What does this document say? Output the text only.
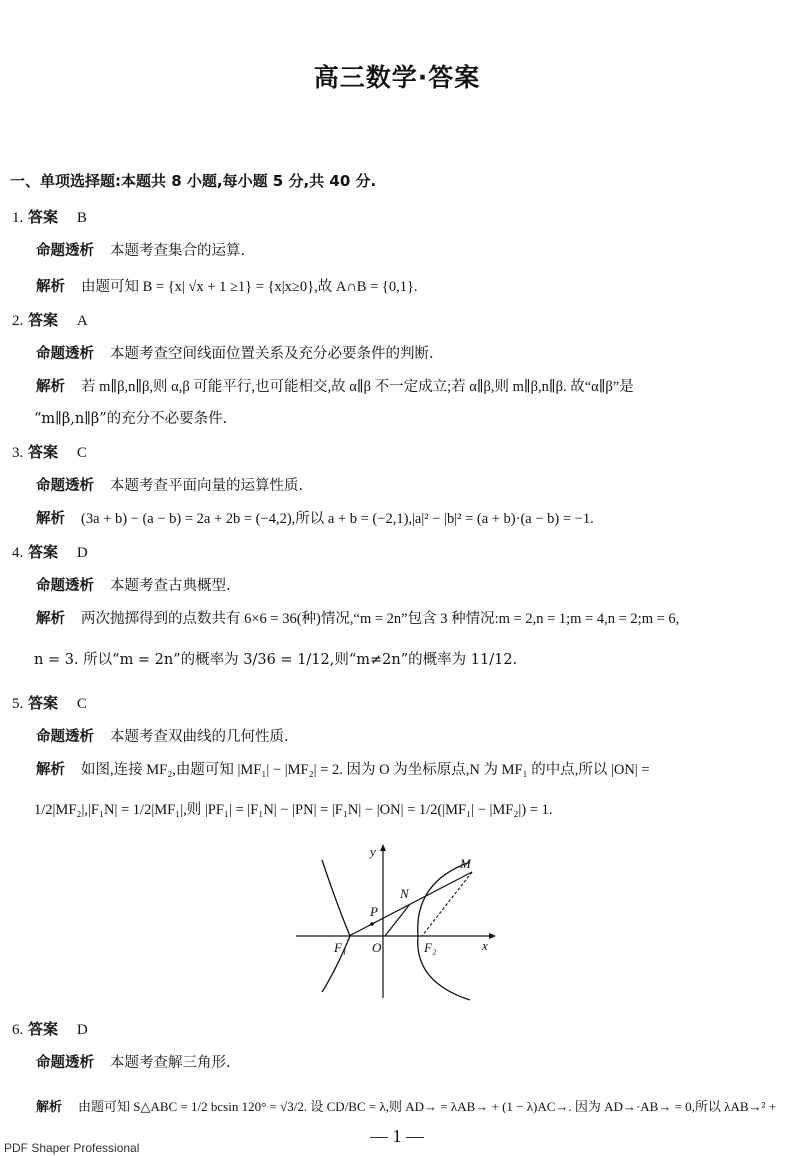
高三数学·答案
一、单项选择题:本题共 8 小题,每小题 5 分,共 40 分.
1. 答案 B
命题透析 本题考查集合的运算.
解析 由题可知 B = {x| √x + 1 ≥1} = {x|x≥0},故 A∩B = {0,1}.
2. 答案 A
命题透析 本题考查空间线面位置关系及充分必要条件的判断.
解析 若 m∥β,n∥β,则 α,β 可能平行,也可能相交,故 α∥β 不一定成立;若 α∥β,则 m∥β,n∥β. 故“α∥β”是
“m∥β,n∥β”的充分不必要条件.
3. 答案 C
命题透析 本题考查平面向量的运算性质.
解析 (3a + b) − (a − b) = 2a + 2b = (−4,2),所以 a + b = (−2,1),|a|² − |b|² = (a + b)·(a − b) = −1.
4. 答案 D
命题透析 本题考查古典概型.
解析 两次抛掷得到的点数共有 6×6 = 36(种)情况,“m = 2n”包含 3 种情况:m = 2,n = 1;m = 4,n = 2;m = 6,
n = 3. 所以“m = 2n”的概率为 3/36 = 1/12,则“m≠2n”的概率为 11/12.
5. 答案 C
命题透析 本题考查双曲线的几何性质.
解析 如图,连接 MF₂,由题可知 |MF₁| − |MF₂| = 2. 因为 O 为坐标原点,N 为 MF₁ 的中点,所以 |ON| =
1/2|MF₂|,|F₁N| = 1/2|MF₁|,则 |PF₁| = |F₁N| − |PN| = |F₁N| − |ON| = 1/2(|MF₁| − |MF₂|) = 1.
y
x
O
M
N
P
F₁	F₂
6. 答案 D
命题透析 本题考查解三角形.
解析 由题可知 S△ABC = 1/2 bcsin 120° = √3/2. 设 CD/BC = λ,则 AD→ = λAB→ + (1 − λ)AC→. 因为 AD→·AB→ = 0,所以 λAB→² +
— 1 —
PDF Shaper Professional
